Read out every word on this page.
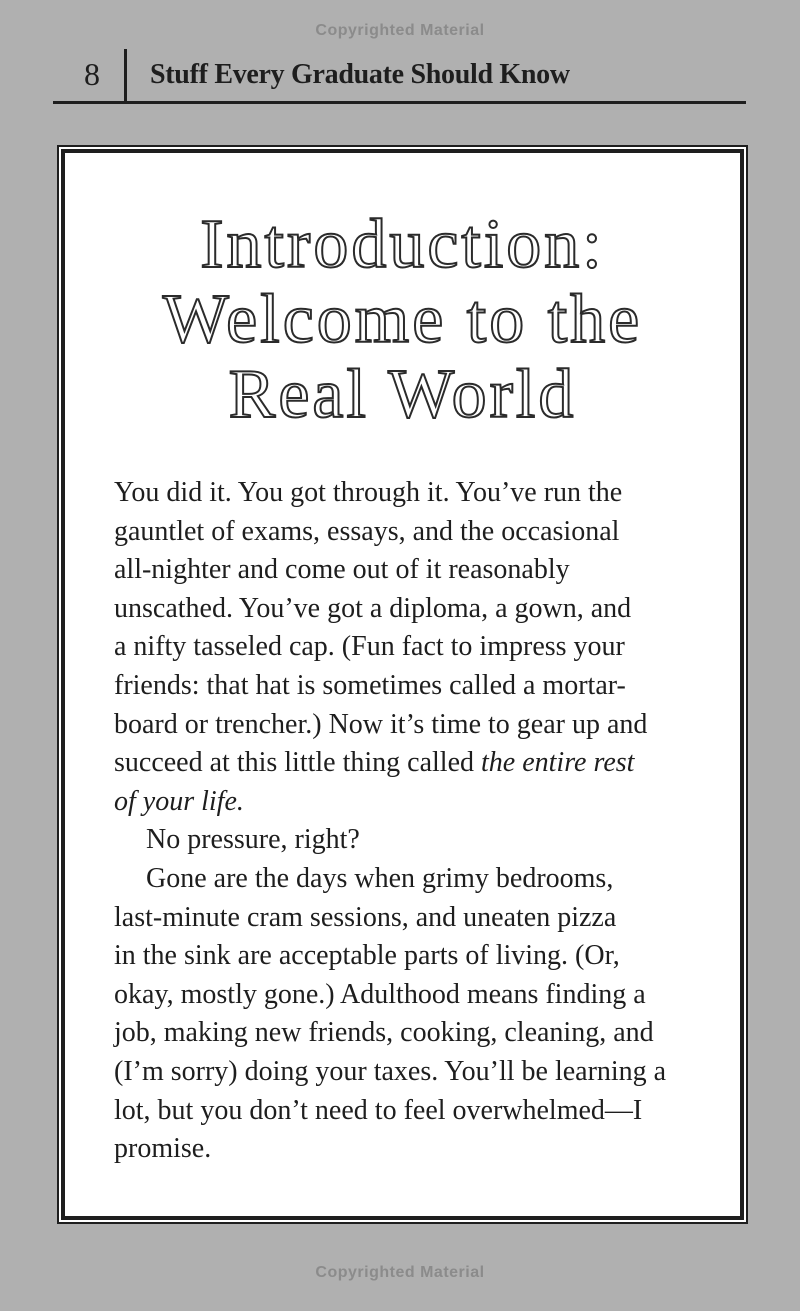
Copyrighted Material
8 Stuff Every Graduate Should Know
Introduction:
Welcome to the
Real World
You did it. You got through it. You’ve run the
gauntlet of exams, essays, and the occasional
all-nighter and come out of it reasonably
unscathed. You’ve got a diploma, a gown, and
a nifty tasseled cap. (Fun fact to impress your
friends: that hat is sometimes called a mortar-
board or trencher.) Now it’s time to gear up and
succeed at this little thing called the entire rest
of your life.
No pressure, right?
Gone are the days when grimy bedrooms,
last-minute cram sessions, and uneaten pizza
in the sink are acceptable parts of living. (Or,
okay, mostly gone.) Adulthood means finding a
job, making new friends, cooking, cleaning, and
(I’m sorry) doing your taxes. You’ll be learning a
lot, but you don’t need to feel overwhelmed—I
promise.
Copyrighted Material
